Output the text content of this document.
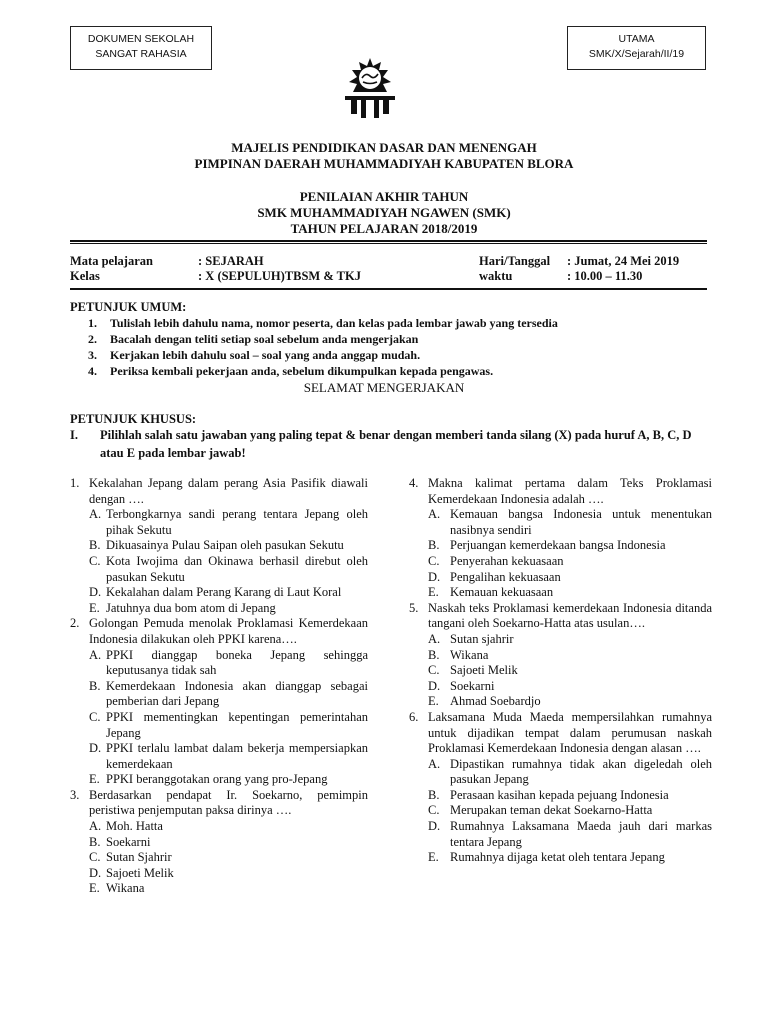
DOKUMEN SEKOLAH
SANGAT RAHASIA
UTAMA
SMK/X/Sejarah/II/19
MAJELIS PENDIDIKAN DASAR DAN MENENGAH
PIMPINAN DAERAH MUHAMMADIYAH KABUPATEN BLORA
PENILAIAN AKHIR TAHUN
SMK MUHAMMADIYAH NGAWEN (SMK)
TAHUN PELAJARAN 2018/2019
Mata pelajaran	: SEJARAH
Kelas	: X (SEPULUH)TBSM & TKJ
Hari/Tanggal : Jumat, 24 Mei 2019
waktu	: 10.00 – 11.30
PETUNJUK UMUM:
1. Tulislah lebih dahulu nama, nomor peserta, dan kelas pada lembar jawab yang tersedia
2. Bacalah dengan teliti setiap soal sebelum anda mengerjakan
3. Kerjakan lebih dahulu soal – soal yang anda anggap mudah.
4. Periksa kembali pekerjaan anda, sebelum dikumpulkan kepada pengawas.
SELAMAT MENGERJAKAN
PETUNJUK KHUSUS:
I. Pilihlah salah satu jawaban yang paling tepat & benar dengan memberi tanda silang (X) pada huruf A, B, C, D atau E pada lembar jawab!
1. Kekalahan Jepang dalam perang Asia Pasifik diawali dengan ….
A. Terbongkarnya sandi perang tentara Jepang oleh pihak Sekutu
B. Dikuasainya Pulau Saipan oleh pasukan Sekutu
C. Kota Iwojima dan Okinawa berhasil direbut oleh pasukan Sekutu
D. Kekalahan dalam Perang Karang di Laut Koral
E. Jatuhnya dua bom atom di Jepang
2. Golongan Pemuda menolak Proklamasi Kemerdekaan Indonesia dilakukan oleh PPKI karena….
A. PPKI dianggap boneka Jepang sehingga keputusanya tidak sah
B. Kemerdekaan Indonesia akan dianggap sebagai pemberian dari Jepang
C. PPKI mementingkan kepentingan pemerintahan Jepang
D. PPKI terlalu lambat dalam bekerja mempersiapkan kemerdekaan
E. PPKI beranggotakan orang yang pro-Jepang
3. Berdasarkan pendapat Ir. Soekarno, pemimpin peristiwa penjemputan paksa dirinya ….
A. Moh. Hatta
B. Soekarni
C. Sutan Sjahrir
D. Sajoeti Melik
E. Wikana
4. Makna kalimat pertama dalam Teks Proklamasi Kemerdekaan Indonesia adalah ….
A. Kemauan bangsa Indonesia untuk menentukan nasibnya sendiri
B. Perjuangan kemerdekaan bangsa Indonesia
C. Penyerahan kekuasaan
D. Pengalihan kekuasaan
E. Kemauan kekuasaan
5. Naskah teks Proklamasi kemerdekaan Indonesia ditanda tangani oleh Soekarno-Hatta atas usulan….
A. Sutan sjahrir
B. Wikana
C. Sajoeti Melik
D. Soekarni
E. Ahmad Soebardjo
6. Laksamana Muda Maeda mempersilahkan rumahnya untuk dijadikan tempat dalam perumusan naskah Proklamasi Kemerdekaan Indonesia dengan alasan ….
A. Dipastikan rumahnya tidak akan digeledah oleh pasukan Jepang
B. Perasaan kasihan kepada pejuang Indonesia
C. Merupakan teman dekat Soekarno-Hatta
D. Rumahnya Laksamana Maeda jauh dari markas tentara Jepang
E. Rumahnya dijaga ketat oleh tentara Jepang
